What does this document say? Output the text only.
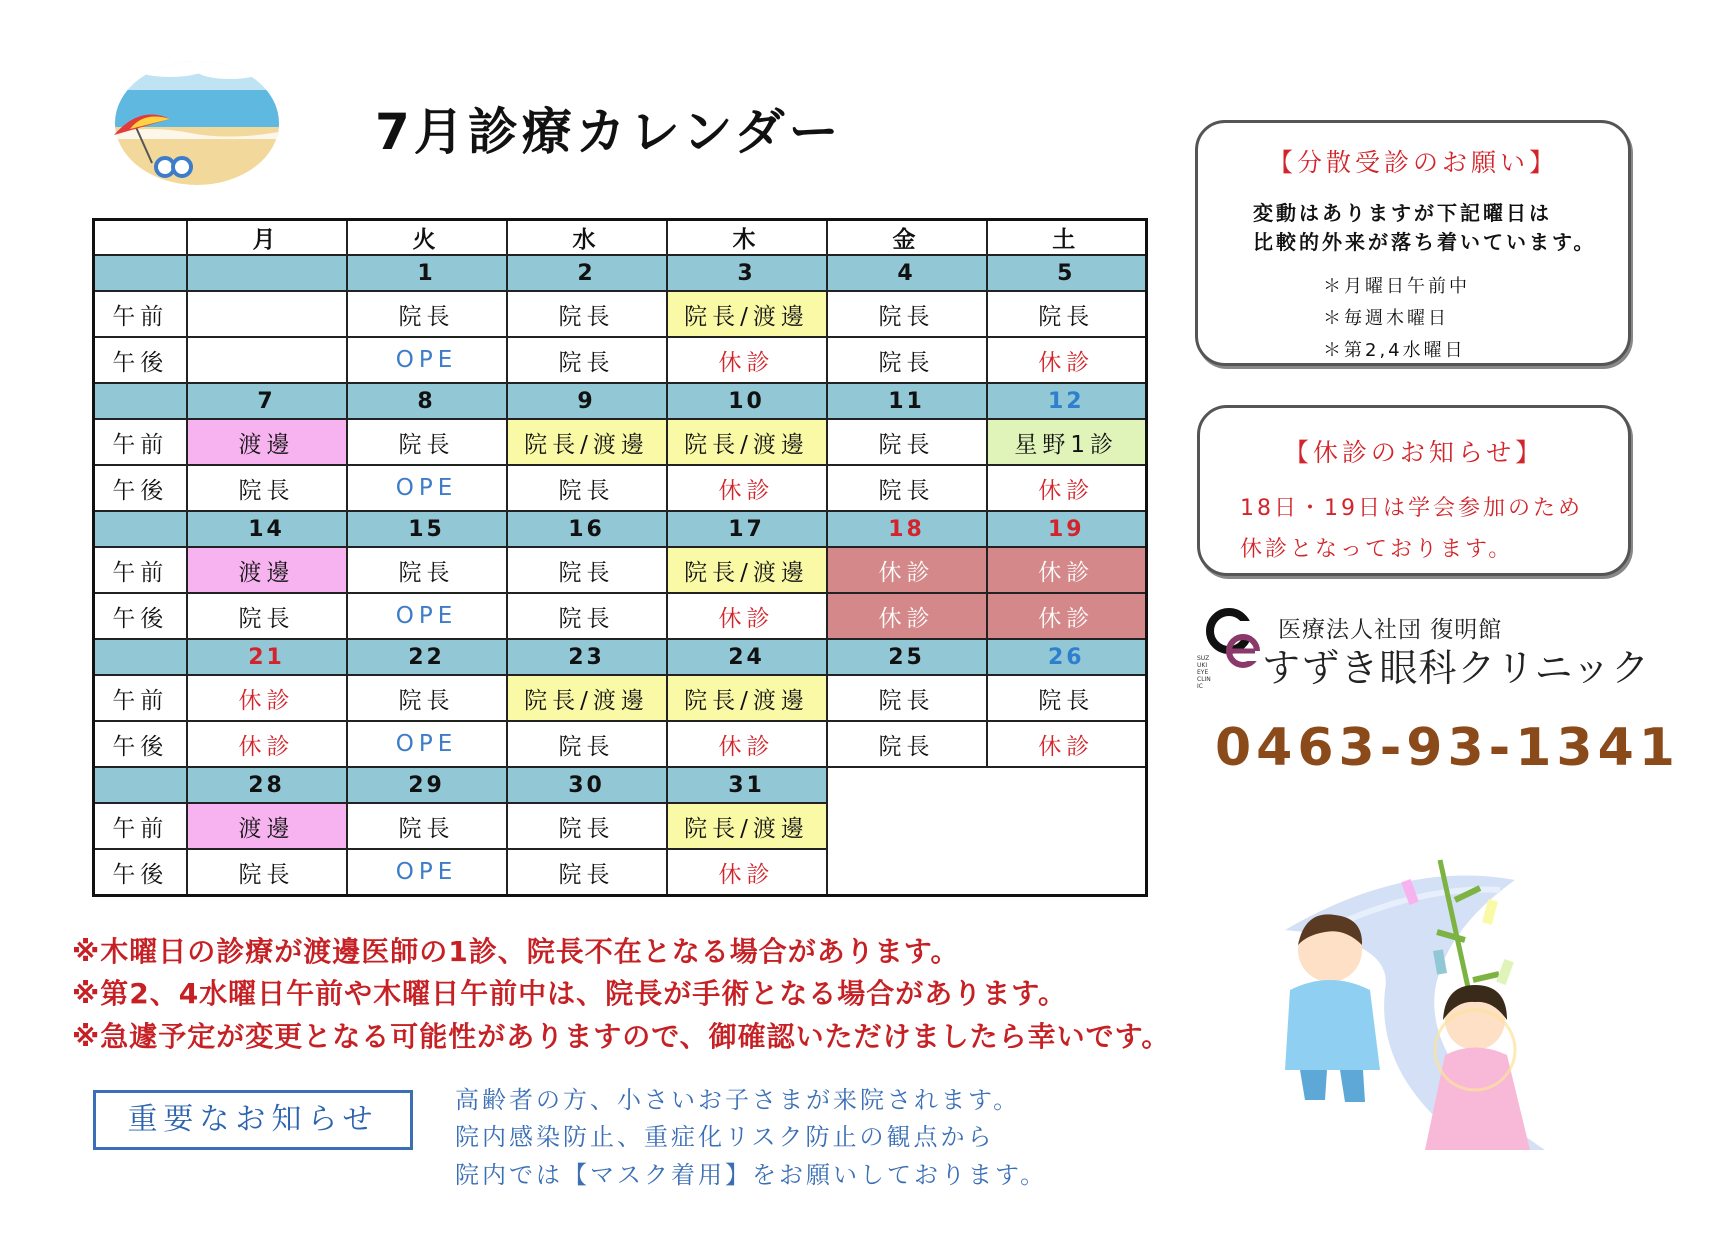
7月診療カレンダー
	月	火	水	木	金	土
		1	2	3	4	5
午前		院長	院長	院長/渡邊	院長	院長
午後		OPE	院長	休診	院長	休診
	7	8	9	10	11	12
午前	渡邊	院長	院長/渡邊	院長/渡邊	院長	星野1診
午後	院長	OPE	院長	休診	院長	休診
	14	15	16	17	18	19
午前	渡邊	院長	院長	院長/渡邊	休診	休診
午後	院長	OPE	院長	休診	休診	休診
	21	22	23	24	25	26
午前	休診	院長	院長/渡邊	院長/渡邊	院長	院長
午後	休診	OPE	院長	休診	院長	休診
	28	29	30	31		
午前	渡邊	院長	院長	院長/渡邊		
午後	院長	OPE	院長	休診		
【分散受診のお願い】
変動はありますが下記曜日は
比較的外来が落ち着いています。
＊月曜日午前中
＊毎週木曜日
＊第2,4水曜日
【休診のお知らせ】
18日・19日は学会参加のため
休診となっております。
SUZUKI EYE CLINIC
医療法人社団 復明館
すずき眼科クリニック
0463-93-1341
※木曜日の診療が渡邊医師の1診、院長不在となる場合があります。
※第2、4水曜日午前や木曜日午前中は、院長が手術となる場合があります。
※急遽予定が変更となる可能性がありますので、御確認いただけましたら幸いです。
重要なお知らせ
高齢者の方、小さいお子さまが来院されます。
院内感染防止、重症化リスク防止の観点から
院内では【マスク着用】をお願いしております。
